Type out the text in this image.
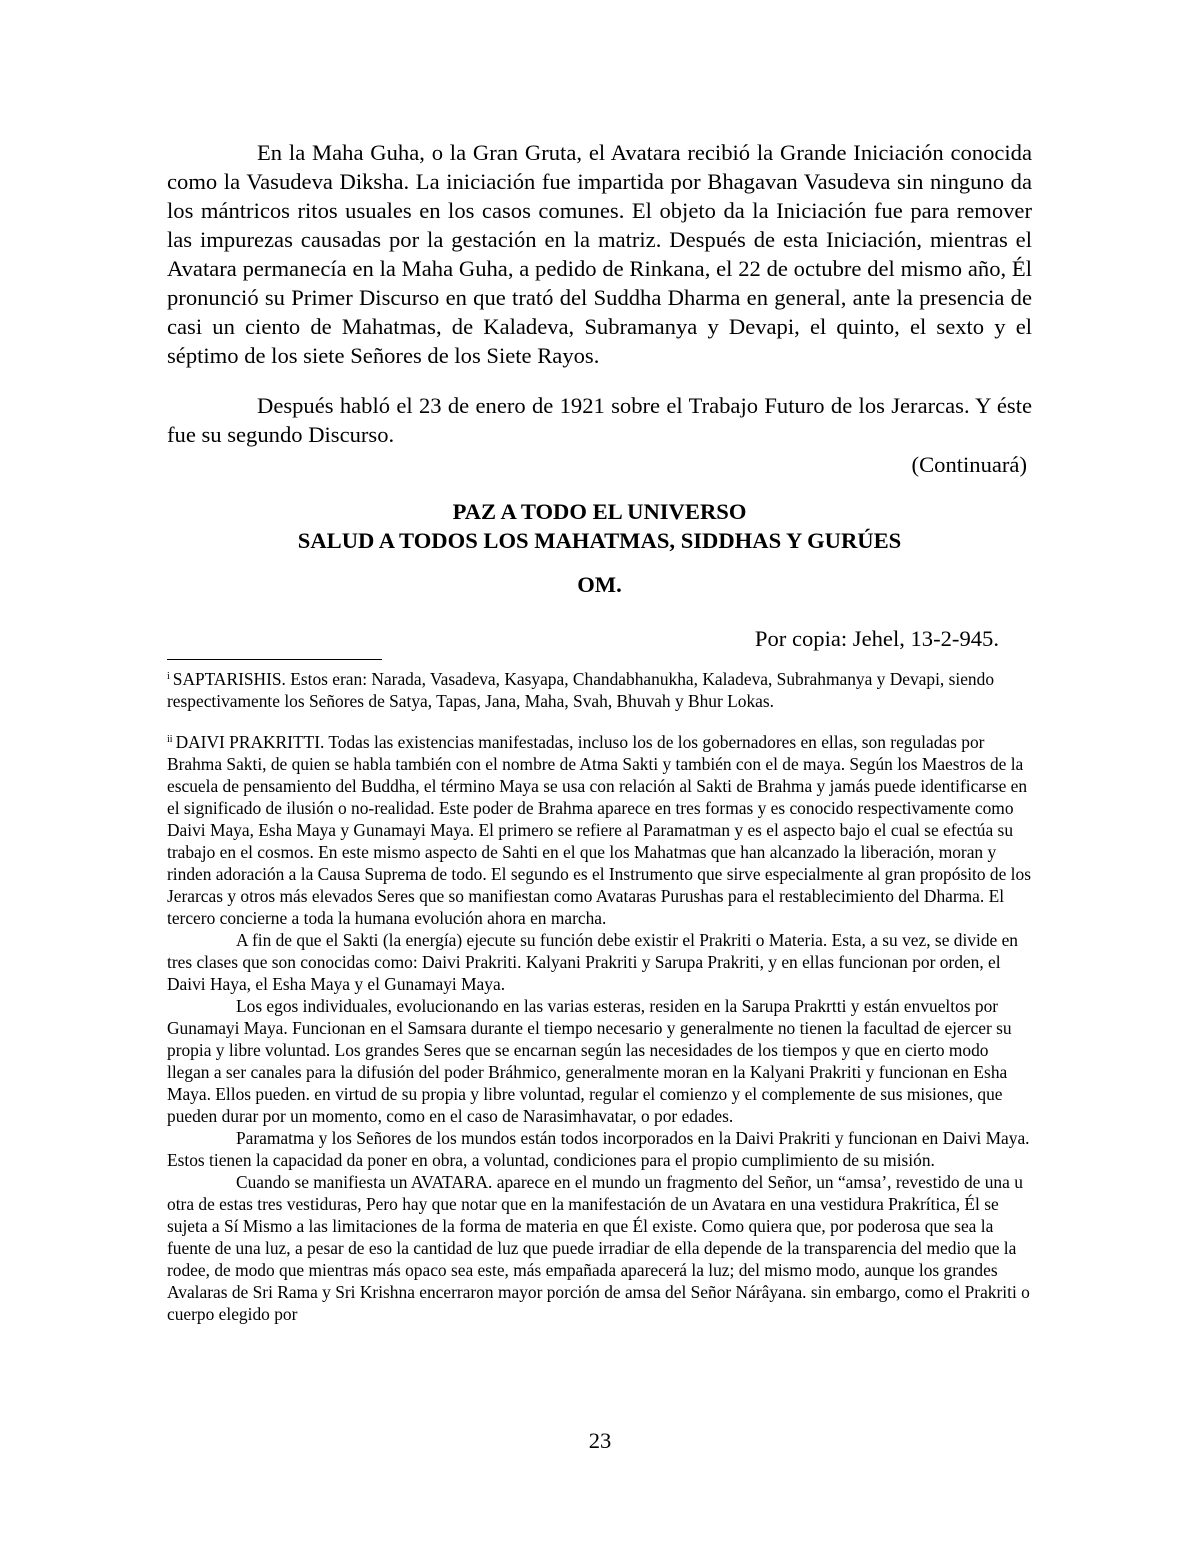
En la Maha Guha, o la Gran Gruta, el Avatara recibió la Grande Iniciación conocida como la Vasudeva Diksha. La iniciación fue impartida por Bhagavan Vasudeva sin ninguno da los mántricos ritos usuales en los casos comunes. El objeto da la Iniciación fue para remover las impurezas causadas por la gestación en la matriz. Después de esta Iniciación, mientras el Avatara permanecía en la Maha Guha, a pedido de Rinkana, el 22 de octubre del mismo año, Él pronunció su Primer Discurso en que trató del Suddha Dharma en general, ante la presencia de casi un ciento de Mahatmas, de Kaladeva, Subramanya y Devapi, el quinto, el sexto y el séptimo de los siete Señores de los Siete Rayos.

Después habló el 23 de enero de 1921 sobre el Trabajo Futuro de los Jerarcas. Y éste fue su segundo Discurso.

(Continuará)
PAZ A TODO EL UNIVERSO
SALUD A TODOS LOS MAHATMAS, SIDDHAS Y GURÚES
OM.
Por copia: Jehel, 13-2-945.
$^i$ SAPTARISHIS. Estos eran: Narada, Vasadeva, Kasyapa, Chandabhanukha, Kaladeva, Subrahmanya y Devapi, siendo respectivamente los Señores de Satya, Tapas, Jana, Maha, Svah, Bhuvah y Bhur Lokas.
$^{ii}$ DAIVI PRAKRITTI. Todas las existencias manifestadas, incluso los de los gobernadores en ellas, son reguladas por Brahma Sakti, de quien se habla también con el nombre de Atma Sakti y también con el de maya. Según los Maestros de la escuela de pensamiento del Buddha, el término Maya se usa con relación al Sakti de Brahma y jamás puede identificarse en el significado de ilusión o no-realidad. Este poder de Brahma aparece en tres formas y es conocido respectivamente como Daivi Maya, Esha Maya y Gunamayi Maya. El primero se refiere al Paramatman y es el aspecto bajo el cual se efectúa su trabajo en el cosmos. En este mismo aspecto de Sahti en el que los Mahatmas que han alcanzado la liberación, moran y rinden adoración a la Causa Suprema de todo. El segundo es el Instrumento que sirve especialmente al gran propósito de los Jerarcas y otros más elevados Seres que so manifiestan como Avataras Purushas para el restablecimiento del Dharma. El tercero concierne a toda la humana evolución ahora en marcha.

A fin de que el Sakti (la energía) ejecute su función debe existir el Prakriti o Materia. Esta, a su vez, se divide en tres clases que son conocidas como: Daivi Prakriti. Kalyani Prakriti y Sarupa Prakriti, y en ellas funcionan por orden, el Daivi Haya, el Esha Maya y el Gunamayi Maya.

Los egos individuales, evolucionando en las varias esteras, residen en la Sarupa Prakrtti y están envueltos por Gunamayi Maya. Funcionan en el Samsara durante el tiempo necesario y generalmente no tienen la facultad de ejercer su propia y libre voluntad. Los grandes Seres que se encarnan según las necesidades de los tiempos y que en cierto modo llegan a ser canales para la difusión del poder Bráhmico, generalmente moran en la Kalyani Prakriti y funcionan en Esha Maya. Ellos pueden. en virtud de su propia y libre voluntad, regular el comienzo y el complemente de sus misiones, que pueden durar por un momento, como en el caso de Narasimhavatar, o por edades.

Paramatma y los Señores de los mundos están todos incorporados en la Daivi Prakriti y funcionan en Daivi Maya. Estos tienen la capacidad da poner en obra, a voluntad, condiciones para el propio cumplimiento de su misión.

Cuando se manifiesta un AVATARA. aparece en el mundo un fragmento del Señor, un “amsa’, revestido de una u otra de estas tres vestiduras, Pero hay que notar que en la manifestación de un Avatara en una vestidura Prakrítica, Él se sujeta a Sí Mismo a las limitaciones de la forma de materia en que Él existe. Como quiera que, por poderosa que sea la fuente de una luz, a pesar de eso la cantidad de luz que puede irradiar de ella depende de la transparencia del medio que la rodee, de modo que mientras más opaco sea este, más empañada aparecerá la luz; del mismo modo, aunque los grandes Avalaras de Sri Rama y Sri Krishna encerraron mayor porción de amsa del Señor Nárâyana. sin embargo, como el Prakriti o cuerpo elegido por

23
